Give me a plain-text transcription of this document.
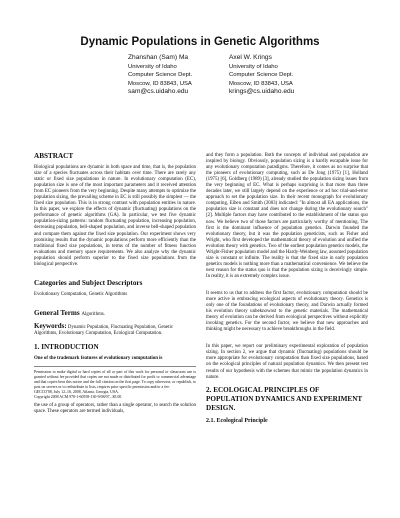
Dynamic Populations in Genetic Algorithms
Zhanshan (Sam) Ma
University of Idaho
Computer Science Dept.
Moscow, ID 83843, USA
sam@cs.uidaho.edu
Axel W. Krings
University of Idaho
Computer Science Dept.
Moscow, ID 83843, USA
krings@cs.uidaho.edu
ABSTRACT

Biological populations are dynamic in both space and time, that is, the population size of a species fluctuates across their habitats over time. There are rarely any static or fixed size populations in nature. In evolutionary computation (EC), population size is one of the most important parameters and it received attention from EC pioneers from the very beginning. Despite many attempts to optimize the population sizing, the prevailing scheme in EC is still possibly the simplest — the fixed size population. This is in strong contrast with population entities in nature. In this paper, we explore the effects of dynamic (fluctuating) populations on the performance of genetic algorithms (GA). In particular, we test five dynamic population-sizing patterns: random fluctuating population, increasing population, decreasing population, bell-shaped population, and inverse bell-shaped population and compare them against the fixed size population. Our experiment shows very promising results that the dynamic populations perform more efficiently than the traditional fixed size populations, in terms of the number of fitness function evaluations and memory space requirements. We also analyze why the dynamic population should perform superior to the fixed size populations from the biological perspective.

Categories and Subject Descriptors

Evolutionary Computation, Genetic Algorithms

General Terms Algorithms.
Keywords: Dynamic Population, Fluctuating Population, Genetic Algorithms, Evolutionary Computation, Ecological Computation.
1. INTRODUCTION

One of the trademark features of evolutionary computation is

Permission to make digital or hard copies of all or part of this work for personal or classroom use is granted without fee provided that copies are not made or distributed for profit or commercial advantage and that copies bear this notice and the full citation on the first page. To copy otherwise, or republish, to post on servers or to redistribute to lists, requires prior specific permission and/or a fee.
GECCO'08, July 12–16, 2008, Atlanta, Georgia, USA.
Copyright 2008 ACM 978-1-60558-130-9/08/07...$5.00.

the use of a group of operators, rather than a single operator, to search the solution space. These operators are termed individuals,

and they form a population. Both the concepts of individual and population are inspired by biology. Obviously, population sizing is a hardly escapable issue for any evolutionary computation paradigms. Therefore, it comes as no surprise that the pioneers of evolutionary computing, such as De Jong (1975) [1], Holland (1975) [6], Goldberg (1989) [3], already studied the population sizing issues from the very beginning of EC. What is perhaps surprising is that more than three decades later, we still largely depend on the experience or ad hoc trial-and-error approach to set the population size. In their recent monograph for evolutionary computing, Eiben and Smith (2003) indicated: "In almost all EA applications, the population size is constant and does not change during the evolutionary search" [2]. Multiple factors may have contributed to the establishment of the status quo now. We believe two of those factors are particularly worthy of mentioning. The first is the dominant influence of population genetics. Darwin founded the evolutionary theory, but it was the population geneticists, such as Fisher and Wright, who first developed the mathematical theory of evolution and unified the evolution theory with genetics. Two of the earliest population genetics models, the Wright-Fisher population model and the Hardy-Weinberg law, assumed population size is constant or infinite. The reality is that the fixed size in early population genetics models is nothing more than a mathematical convenience. We believe the next reason for the status quo is that the population sizing is deceivingly simple. In reality, it is an extremely complex issue.

It seems to us that to address the first factor, evolutionary computation should be more active in embracing ecological aspects of evolutionary theory. Genetics is only one of the foundations of evolutionary theory, and Darwin actually formed his evolution theory unbeknownst to the genetic materials. The mathematical theory of evolution can be derived from ecological perspectives without explicitly invoking genetics. For the second factor, we believe that new approaches and thinking might be necessary to achieve breakthroughs in the field.

In this paper, we report our preliminary experimental exploration of population sizing. In section 2, we argue that dynamic (fluctuating) populations should be more appropriate for evolutionary computation than fixed size populations, based on the ecological principles of natural population dynamics. We then present test results of our hypothesis with the schemes that mimic the population dynamics in nature.

2. ECOLOGICAL PRINCIPLES OF POPULATION DYNAMICS AND EXPERIMENT DESIGN.
2.1. Ecological Principle
